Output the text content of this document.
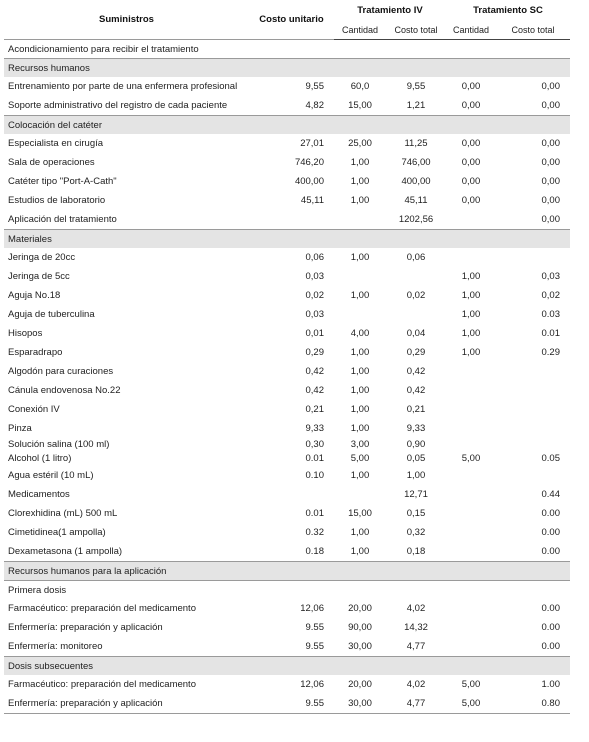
Suministros	Costo unitario	Tratamiento IV		Tratamiento SC	
		Cantidad	Costo total	Cantidad	Costo total
Acondicionamiento para recibir el tratamiento					
Recursos humanos					
Entrenamiento por parte de una enfermera profesional	9,55	60,0	9,55	0,00	0,00
Soporte administrativo del registro de cada paciente	4,82	15,00	1,21	0,00	0,00
Colocación del catéter					
Especialista en cirugía	27,01	25,00	11,25	0,00	0,00
Sala de operaciones	746,20	1,00	746,00	0,00	0,00
Catéter tipo "Port-A-Cath"	400,00	1,00	400,00	0,00	0,00
Estudios de laboratorio	45,11	1,00	45,11	0,00	0,00
Aplicación del tratamiento			1202,56		0,00
Materiales					
Jeringa de 20cc	0,06	1,00	0,06		
Jeringa de 5cc	0,03			1,00	0,03
Aguja No.18	0,02	1,00	0,02	1,00	0,02
Aguja de tuberculina	0,03			1,00	0.03
Hisopos	0,01	4,00	0,04	1,00	0.01
Esparadrapo	0,29	1,00	0,29	1,00	0.29
Algodón para curaciones	0,42	1,00	0,42		
Cánula endovenosa No.22	0,42	1,00	0,42		
Conexión IV	0,21	1,00	0,21		
Pinza	9,33	1,00	9,33		
Solución salina (100 ml)	0,30	3,00	0,90		
Alcohol (1 litro)	0.01	5,00	0,05	5,00	0.05
Agua estéril (10 mL)	0.10	1,00	1,00		
Medicamentos			12,71		0.44
Clorexhidina (mL) 500 mL	0.01	15,00	0,15		0.00
Cimetidinea(1 ampolla)	0.32	1,00	0,32		0.00
Dexametasona (1 ampolla)	0.18	1,00	0,18		0.00
Recursos humanos para la aplicación					
Primera dosis					
Farmacéutico: preparación del medicamento	12,06	20,00	4,02		0.00
Enfermería: preparación y aplicación	9.55	90,00	14,32		0.00
Enfermería: monitoreo	9.55	30,00	4,77		0.00
Dosis subsecuentes					
Farmacéutico: preparación del medicamento	12,06	20,00	4,02	5,00	1.00
Enfermería: preparación y aplicación	9.55	30,00	4,77	5,00	0.80
